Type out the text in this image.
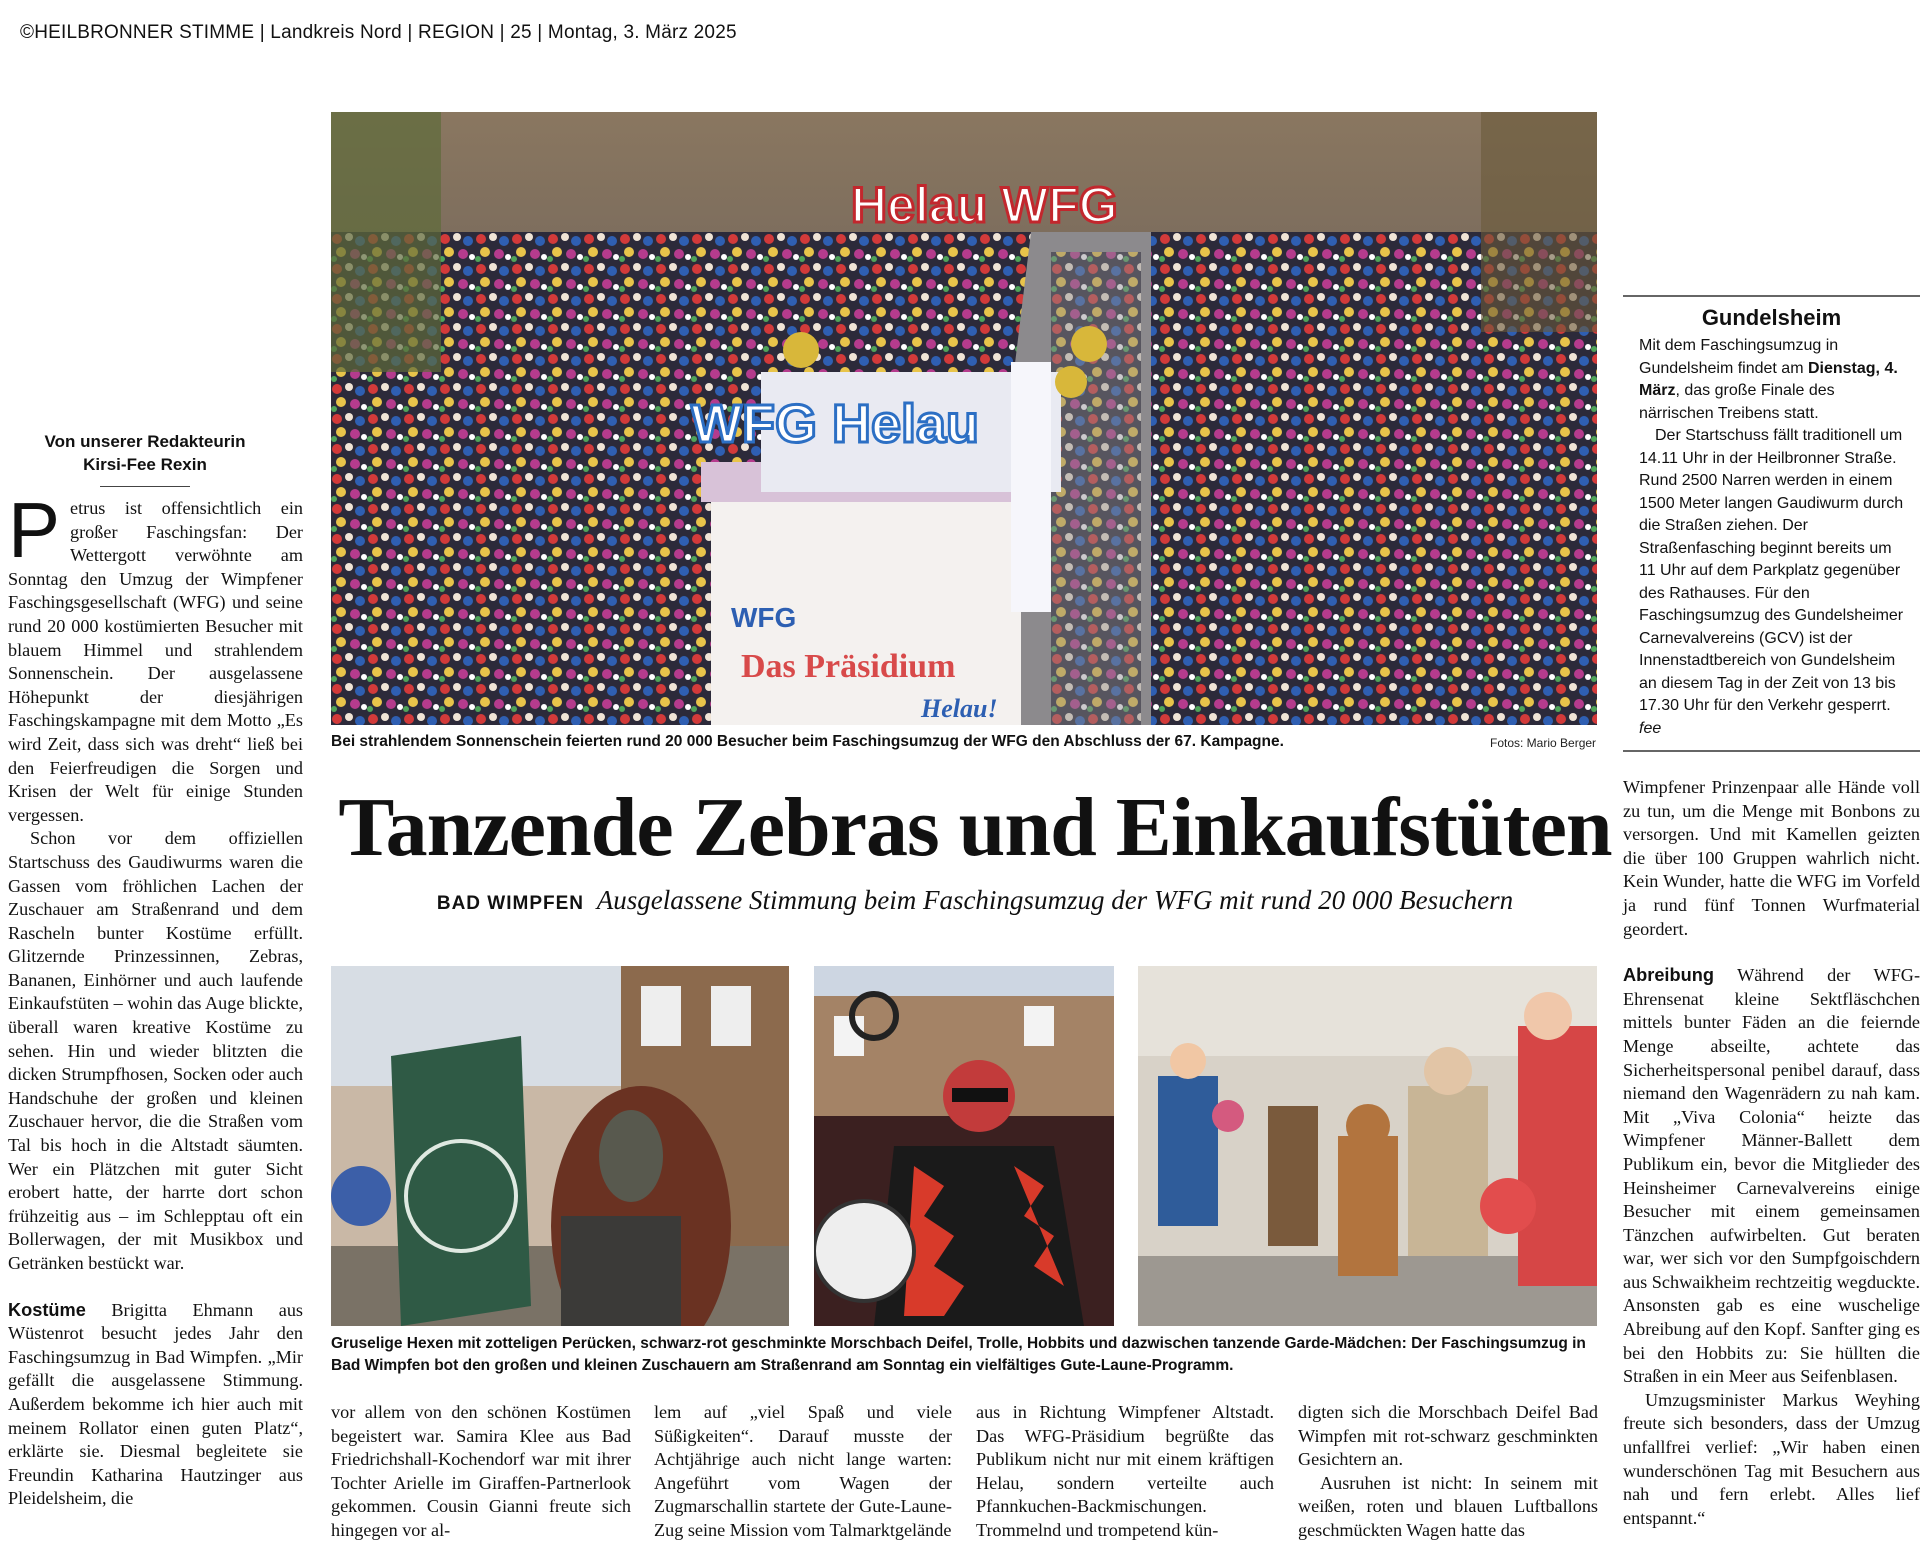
©HEILBRONNER STIMME | Landkreis Nord | REGION | 25 | Montag, 3. März 2025
Von unserer Redakteurin
Kirsi-Fee Rexin

Petrus ist offensichtlich ein großer Faschingsfan: Der Wettergott verwöhnte am Sonntag den Umzug der Wimpfener Faschingsgesellschaft (WFG) und seine rund 20 000 kostümierten Besucher mit blauem Himmel und strahlendem Sonnenschein. Der ausgelassene Höhepunkt der diesjährigen Faschingskampagne mit dem Motto „Es wird Zeit, dass sich was dreht“ ließ bei den Feierfreudigen die Sorgen und Krisen der Welt für einige Stunden vergessen.

Schon vor dem offiziellen Startschuss des Gaudiwurms waren die Gassen vom fröhlichen Lachen der Zuschauer am Straßenrand und dem Rascheln bunter Kostüme erfüllt. Glitzernde Prinzessinnen, Zebras, Bananen, Einhörner und auch laufende Einkaufstüten – wohin das Auge blickte, überall waren kreative Kostüme zu sehen. Hin und wieder blitzten die dicken Strumpfhosen, Socken oder auch Handschuhe der großen und kleinen Zuschauer hervor, die die Straßen vom Tal bis hoch in die Altstadt säumten. Wer ein Plätzchen mit guter Sicht erobert hatte, der harrte dort schon frühzeitig aus – im Schlepptau oft ein Bollerwagen, der mit Musikbox und Getränken bestückt war.

Kostüme Brigitta Ehmann aus Wüstenrot besucht jedes Jahr den Faschingsumzug in Bad Wimpfen. „Mir gefällt die ausgelassene Stimmung. Außerdem bekomme ich hier auch mit meinem Rollator einen guten Platz“, erklärte sie. Diesmal begleitete sie Freundin Katharina Hautzinger aus Pleidelsheim, die

Helau WFG
WFG Helau
WFG
Das Präsidium
Helau!
Bei strahlendem Sonnenschein feierten rund 20 000 Besucher beim Faschingsumzug der WFG den Abschluss der 67. Kampagne.	Fotos: Mario Berger
Tanzende Zebras und Einkaufstüten
BAD WIMPFEN Ausgelassene Stimmung beim Faschingsumzug der WFG mit rund 20 000 Besuchern
Gruselige Hexen mit zotteligen Perücken, schwarz-rot geschminkte Morschbach Deifel, Trolle, Hobbits und dazwischen tanzende Garde-Mädchen: Der Faschingsumzug in Bad Wimpfen bot den großen und kleinen Zuschauern am Straßenrand am Sonntag ein vielfältiges Gute-Laune-Programm.

vor allem von den schönen Kostümen begeistert war. Samira Klee aus Bad Friedrichshall-Kochendorf war mit ihrer Tochter Arielle im Giraffen-Partnerlook gekommen. Cousin Gianni freute sich hingegen vor al-

lem auf „viel Spaß und viele Süßigkeiten“. Darauf musste der Achtjährige auch nicht lange warten: Angeführt vom Wagen der Zugmarschallin startete der Gute-Laune-Zug seine Mission vom Talmarktgelände

aus in Richtung Wimpfener Altstadt. Das WFG-Präsidium begrüßte das Publikum nicht nur mit einem kräftigen Helau, sondern verteilte auch Pfannkuchen-Backmischungen. Trommelnd und trompetend kün-

digten sich die Morschbach Deifel Bad Wimpfen mit rot-schwarz geschminkten Gesichtern an.

Ausruhen ist nicht: In seinem mit weißen, roten und blauen Luftballons geschmückten Wagen hatte das

Gundelsheim

Mit dem Faschingsumzug in Gundelsheim findet am Dienstag, 4. März, das große Finale des närrischen Treibens statt.

Der Startschuss fällt traditionell um 14.11 Uhr in der Heilbronner Straße. Rund 2500 Narren werden in einem 1500 Meter langen Gaudiwurm durch die Straßen ziehen. Der Straßenfasching beginnt bereits um 11 Uhr auf dem Parkplatz gegenüber des Rathauses. Für den Faschingsumzug des Gundelsheimer Carnevalvereins (GCV) ist der Innenstadtbereich von Gundelsheim an diesem Tag in der Zeit von 13 bis 17.30 Uhr für den Verkehr gesperrt. fee

Wimpfener Prinzenpaar alle Hände voll zu tun, um die Menge mit Bonbons zu versorgen. Und mit Kamellen geizten die über 100 Gruppen wahrlich nicht. Kein Wunder, hatte die WFG im Vorfeld ja rund fünf Tonnen Wurfmaterial geordert.

Abreibung Während der WFG-Ehrensenat kleine Sektfläschchen mittels bunter Fäden an die feiernde Menge abseilte, achtete das Sicherheitspersonal penibel darauf, dass niemand den Wagenrädern zu nah kam. Mit „Viva Colonia“ heizte das Wimpfener Männer-Ballett dem Publikum ein, bevor die Mitglieder des Heinsheimer Carnevalvereins einige Besucher mit einem gemeinsamen Tänzchen aufwirbelten. Gut beraten war, wer sich vor den Sumpfgoischdern aus Schwaikheim rechtzeitig wegduckte. Ansonsten gab es eine wuschelige Abreibung auf den Kopf. Sanfter ging es bei den Hobbits zu: Sie hüllten die Straßen in ein Meer aus Seifenblasen.

Umzugsminister Markus Weyhing freute sich besonders, dass der Umzug unfallfrei verlief: „Wir haben einen wunderschönen Tag mit Besuchern aus nah und fern erlebt. Alles lief entspannt.“
